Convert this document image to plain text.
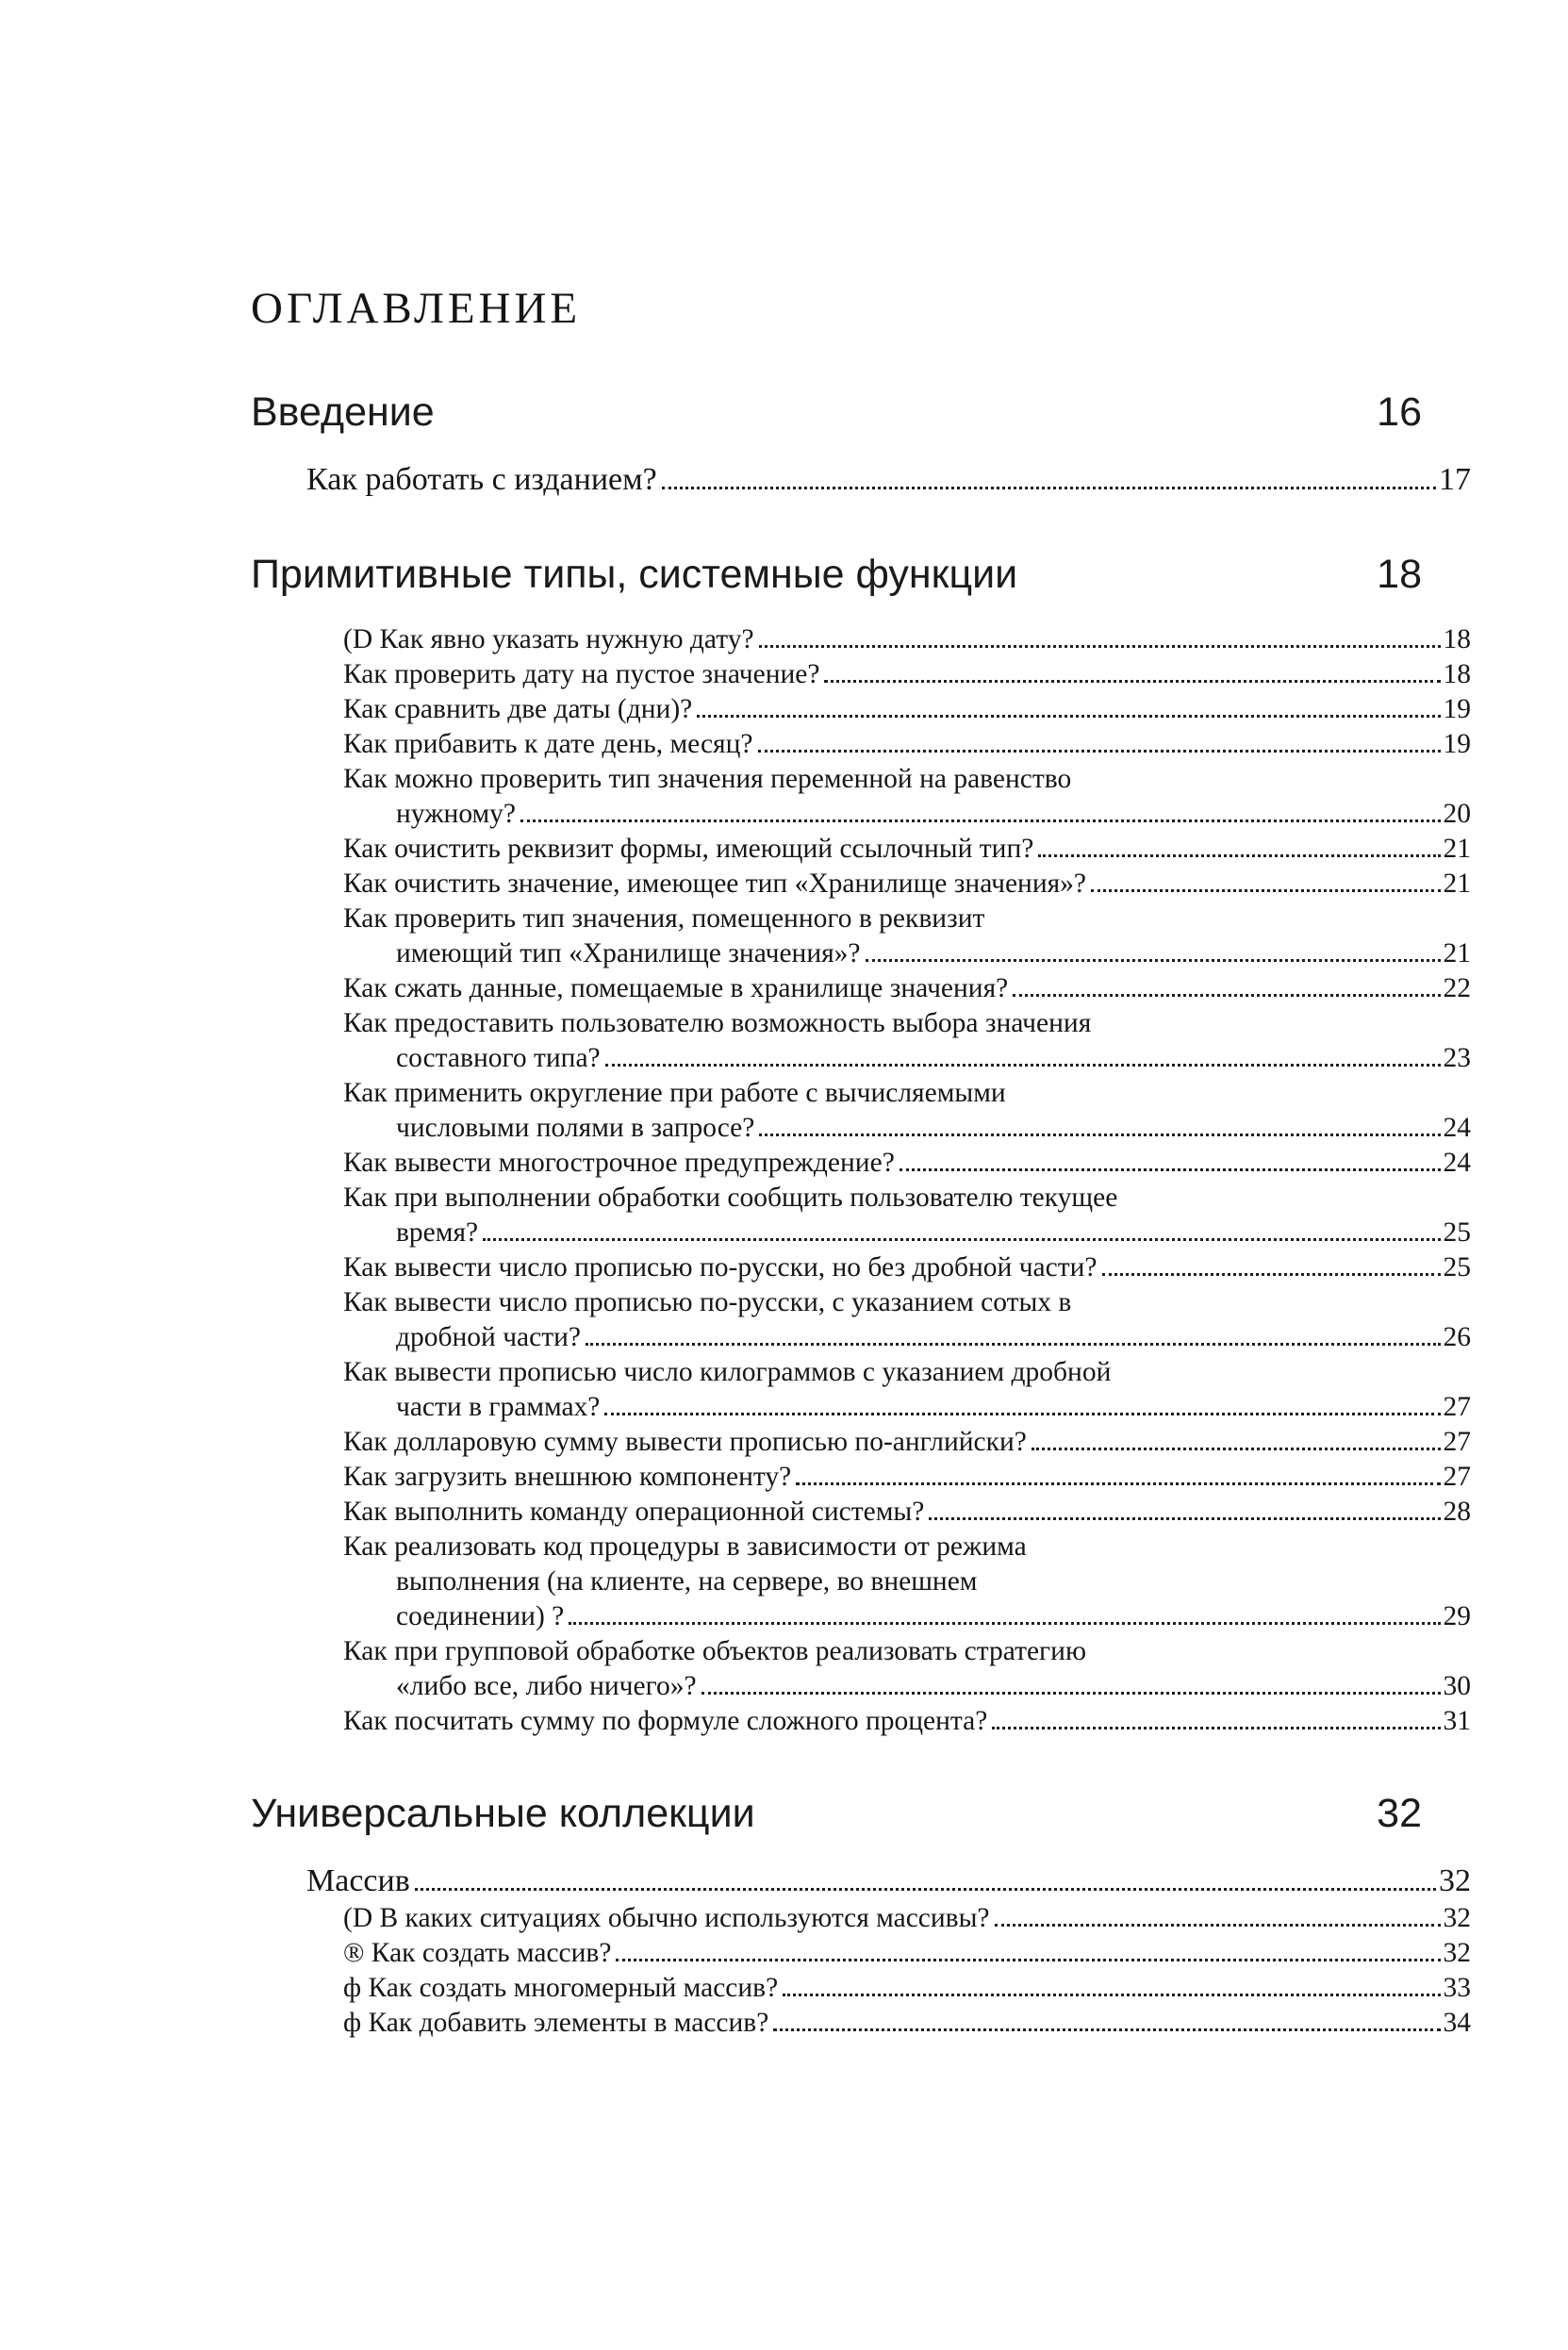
ОГЛАВЛЕНИЕ
Введение	16
Как работать с изданием?	17
Примитивные типы, системные функции	18
(D Как явно указать нужную дату?	18
Как проверить дату на пустое значение?	18
Как сравнить две даты (дни)?	19
Как прибавить к дате день, месяц?	19
Как можно проверить тип значения переменной на равенство
нужному?	20
Как очистить реквизит формы, имеющий ссылочный тип?	21
Как очистить значение, имеющее тип «Хранилище значения»?	21
Как проверить тип значения, помещенного в реквизит
имеющий тип «Хранилище значения»?	21
Как сжать данные, помещаемые в хранилище значения?	22
Как предоставить пользователю возможность выбора значения
составного типа?	23
Как применить округление при работе с вычисляемыми
числовыми полями в запросе?	24
Как вывести многострочное предупреждение?	24
Как при выполнении обработки сообщить пользователю текущее
время?	25
Как вывести число прописью по-русски, но без дробной части?	25
Как вывести число прописью по-русски, с указанием сотых в
дробной части?	26
Как вывести прописью число килограммов с указанием дробной
части в граммах?	27
Как долларовую сумму вывести прописью по-английски?	27
Как загрузить внешнюю компоненту?	27
Как выполнить команду операционной системы?	28
Как реализовать код процедуры в зависимости от режима
выполнения (на клиенте, на сервере, во внешнем
соединении) ?	29
Как при групповой обработке объектов реализовать стратегию
«либо все, либо ничего»?	30
Как посчитать сумму по формуле сложного процента?	31
Универсальные коллекции	32
Массив	32
(D В каких ситуациях обычно используются массивы?	32
® Как создать массив?	32
ф Как создать многомерный массив?	33
ф Как добавить элементы в массив?	34
